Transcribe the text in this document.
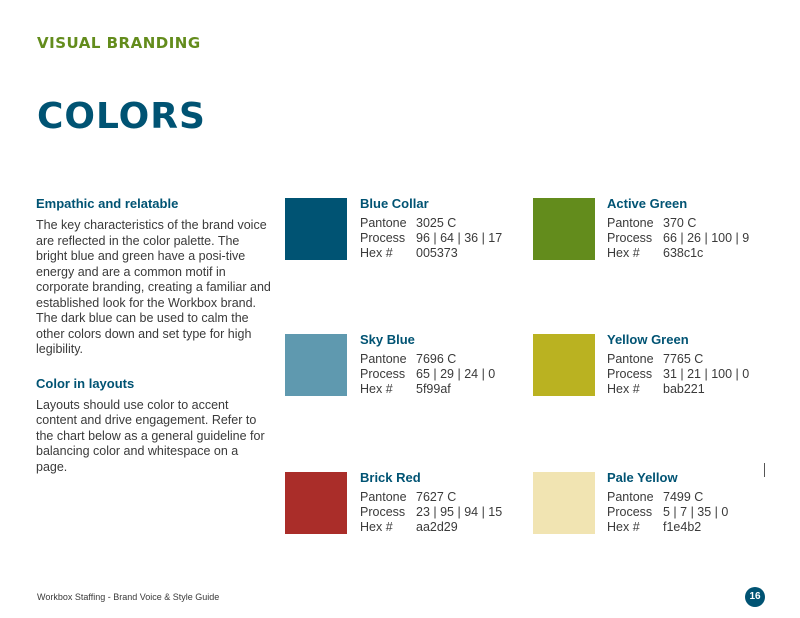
VISUAL BRANDING
COLORS
Empathic and relatable

The key characteristics of the brand voice are reflected in the color palette. The bright blue and green have a posi-tive energy and are a common motif in corporate branding, creating a familiar and established look for the Workbox brand. The dark blue can be used to calm the other colors down and set type for high legibility.

Color in layouts

Layouts should use color to accent content and drive engagement. Refer to the chart below as a general guideline for balancing color and whitespace on a page.

Blue Collar
Pantone	3025 C
Process	96 | 64 | 36 | 17
Hex #	005373
Active Green
Pantone	370 C
Process	66 | 26 | 100 | 9
Hex #	638c1c
Sky Blue
Pantone	7696 C
Process	65 | 29 | 24 | 0
Hex #	5f99af
Yellow Green
Pantone	7765 C
Process	31 | 21 | 100 | 0
Hex #	bab221
Brick Red
Pantone	7627 C
Process	23 | 95 | 94 | 15
Hex #	aa2d29
Pale Yellow
Pantone	7499 C
Process	5 | 7 | 35 | 0
Hex #	f1e4b2
Workbox Staffing - Brand Voice & Style Guide	16
